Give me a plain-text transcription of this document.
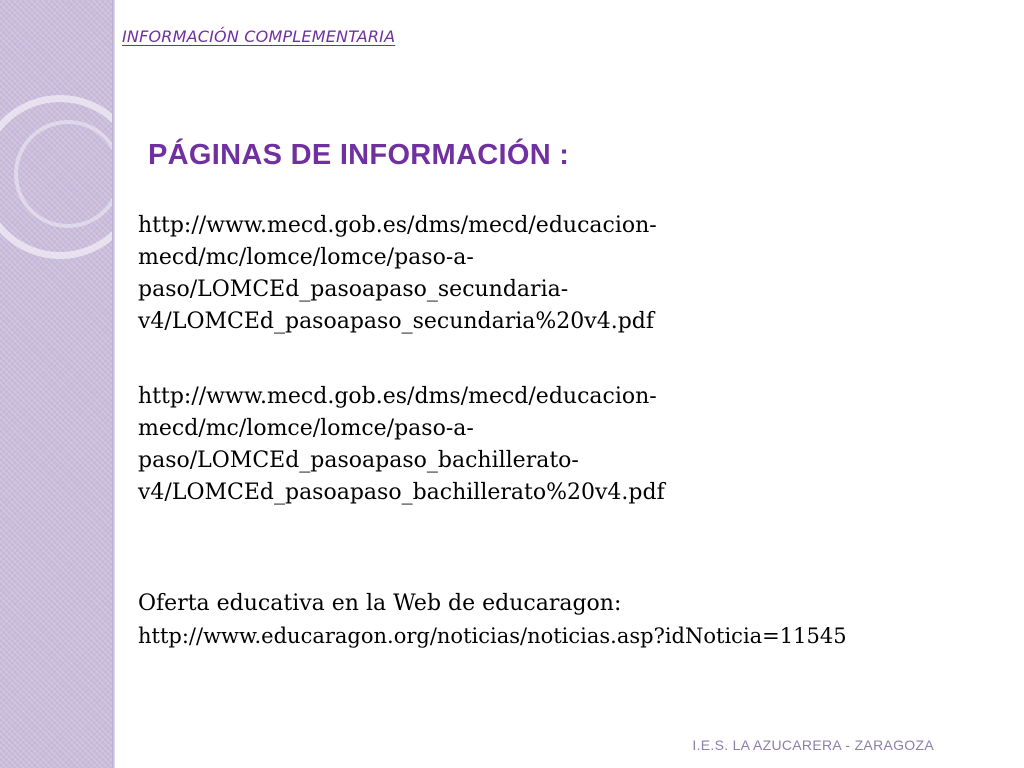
INFORMACIÓN COMPLEMENTARIA
PÁGINAS DE INFORMACIÓN :

http://www.mecd.gob.es/dms/mecd/educacion-
mecd/mc/lomce/lomce/paso-a-
paso/LOMCEd_pasoapaso_secundaria-
v4/LOMCEd_pasoapaso_secundaria%20v4.pdf

http://www.mecd.gob.es/dms/mecd/educacion-
mecd/mc/lomce/lomce/paso-a-
paso/LOMCEd_pasoapaso_bachillerato-
v4/LOMCEd_pasoapaso_bachillerato%20v4.pdf

Oferta educativa en la Web de educaragon:
http://www.educaragon.org/noticias/noticias.asp?idNoticia=11545
I.E.S. LA AZUCARERA - ZARAGOZA
